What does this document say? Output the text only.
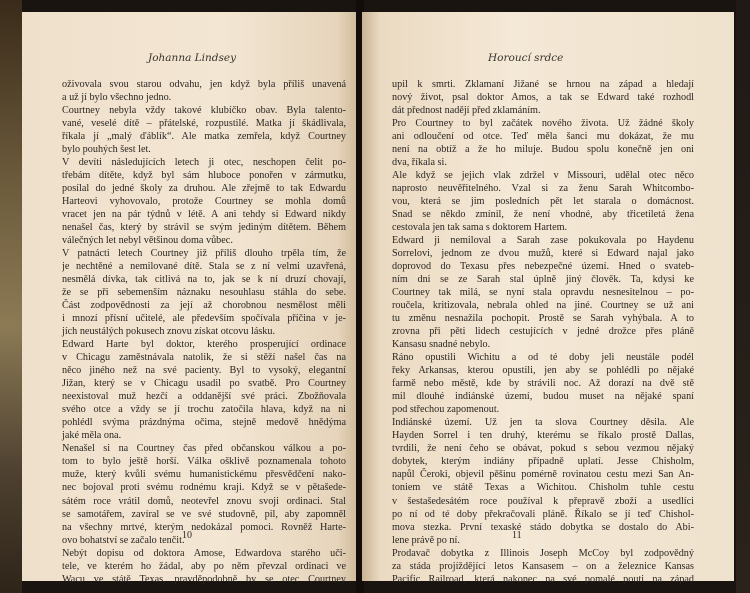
Johanna Lindsey
oživovala svou starou odvahu, jen když byla příliš unavená
a už jí bylo všechno jedno.
Courtney nebyla vždy takové klubíčko obav. Byla talento-
vané, veselé dítě – přátelské, rozpustilé. Matka jí škádlivala,
říkala jí „malý ďáblík“. Ale matka zemřela, když Courtney
bylo pouhých šest let.
V devíti následujících letech ji otec, neschopen čelit po-
třebám dítěte, když byl sám hluboce ponořen v zármutku,
posílal do jedné školy za druhou. Ale zřejmě to tak Edwardu
Harteovi vyhovovalo, protože Courtney se mohla domů
vracet jen na pár týdnů v létě. A ani tehdy si Edward nikdy
nenašel čas, který by strávil se svým jediným dítětem. Během
válečných let nebyl většinou doma vůbec.
V patnácti letech Courtney již příliš dlouho trpěla tím, že
je nechtěné a nemilované dítě. Stala se z ní velmi uzavřená,
nesmělá dívka, tak citlivá na to, jak se k ní druzí chovají,
že se při sebemenším náznaku nesouhlasu stáhla do sebe.
Část zodpovědnosti za její až chorobnou nesmělost měli
i mnozí přísní učitelé, ale především spočívala příčina v je-
jích neustálých pokusech znovu získat otcovu lásku.
Edward Harte byl doktor, kterého prosperující ordinace
v Chicagu zaměstnávala natolik, že si stěží našel čas na
něco jiného než na své pacienty. Byl to vysoký, elegantní
Jižan, který se v Chicagu usadil po svatbě. Pro Courtney
neexistoval muž hezčí a oddanější své práci. Zbožňovala
svého otce a vždy se jí trochu zatočila hlava, když na ni
pohlédl svýma prázdnýma očima, stejně medově hnědýma
jaké měla ona.
Nenašel si na Courtney čas před občanskou válkou a po-
tom to bylo ještě horší. Válka ošklivě poznamenala tohoto
muže, který kvůli svému humanistickému přesvědčení nako-
nec bojoval proti svému rodnému kraji. Když se v pětašede-
sátém roce vrátil domů, neotevřel znovu svoji ordinaci. Stal
se samotářem, zavíral se ve své studovně, pil, aby zapomněl
na všechny mrtvé, kterým nedokázal pomoci. Rovněž Harte-
ovo bohatství se začalo tenčit.
Nebýt dopisu od doktora Amose, Edwardova starého uči-
tele, ve kterém ho žádal, aby po něm převzal ordinaci ve
Wacu ve státě Texas, pravděpodobně by se otec Courtney
10
Horoucí srdce
upil k smrti. Zklamaní Jižané se hrnou na západ a hledají
nový život, psal doktor Amos, a tak se Edward také rozhodl
dát přednost nadějí před zklamáním.
Pro Courtney to byl začátek nového života. Už žádné školy
ani odloučení od otce. Teď měla šanci mu dokázat, že mu
není na obtíž a že ho miluje. Budou spolu konečně jen oni
dva, říkala si.
Ale když se jejich vlak zdržel v Missouri, udělal otec něco
naprosto neuvěřitelného. Vzal si za ženu Sarah Whitcombo-
vou, která se jim posledních pět let starala o domácnost.
Snad se někdo zmínil, že není vhodné, aby třicetiletá žena
cestovala jen tak sama s doktorem Hartem.
Edward ji nemiloval a Sarah zase pokukovala po Haydenu
Sorrelovi, jednom ze dvou mužů, které si Edward najal jako
doprovod do Texasu přes nebezpečné území. Hned o svateb-
ním dni se ze Sarah stal úplně jiný člověk. Ta, kdysi ke
Courtney tak milá, se nyní stala opravdu nesnesitelnou – po-
roučela, kritizovala, nebrala ohled na jiné. Courtney se už ani
tu změnu nesnažila pochopit. Prostě se Sarah vyhýbala. A to
zrovna při pěti lidech cestujících v jedné drožce přes pláně
Kansasu snadné nebylo.
Ráno opustili Wichitu a od té doby jeli neustále podél
řeky Arkansas, kterou opustili, jen aby se pohlédli po nějaké
farmě nebo městě, kde by strávili noc. Až dorazí na dvě stě
mil dlouhé indiánské území, budou muset na nějaké spaní
pod střechou zapomenout.
Indiánské území. Už jen ta slova Courtney děsila. Ale
Hayden Sorrel i ten druhý, kterému se říkalo prostě Dallas,
tvrdili, že není čeho se obávat, pokud s sebou vezmou nějaký
dobytek, kterým indiány případně uplatí. Jesse Chisholm,
napůl Čeroki, objevil pěšinu pomérně rovinatou cestu mezi San An-
toniem ve státě Texas a Wichitou. Chisholm tuhle cestu
v šestašedesátém roce používal k přepravě zboží a usedlíci
po ní od té doby překračovali pláně. Říkalo se jí teď Chishol-
mova stezka. První texaské stádo dobytka se dostalo do Abi-
lene právě po ní.
Prodavač dobytka z Illinois Joseph McCoy byl zodpovědný
za stáda projíždějící letos Kansasem – on a železnice Kansas
Pacific Railroad, která nakonec na své pomalé pouti na západ
11
